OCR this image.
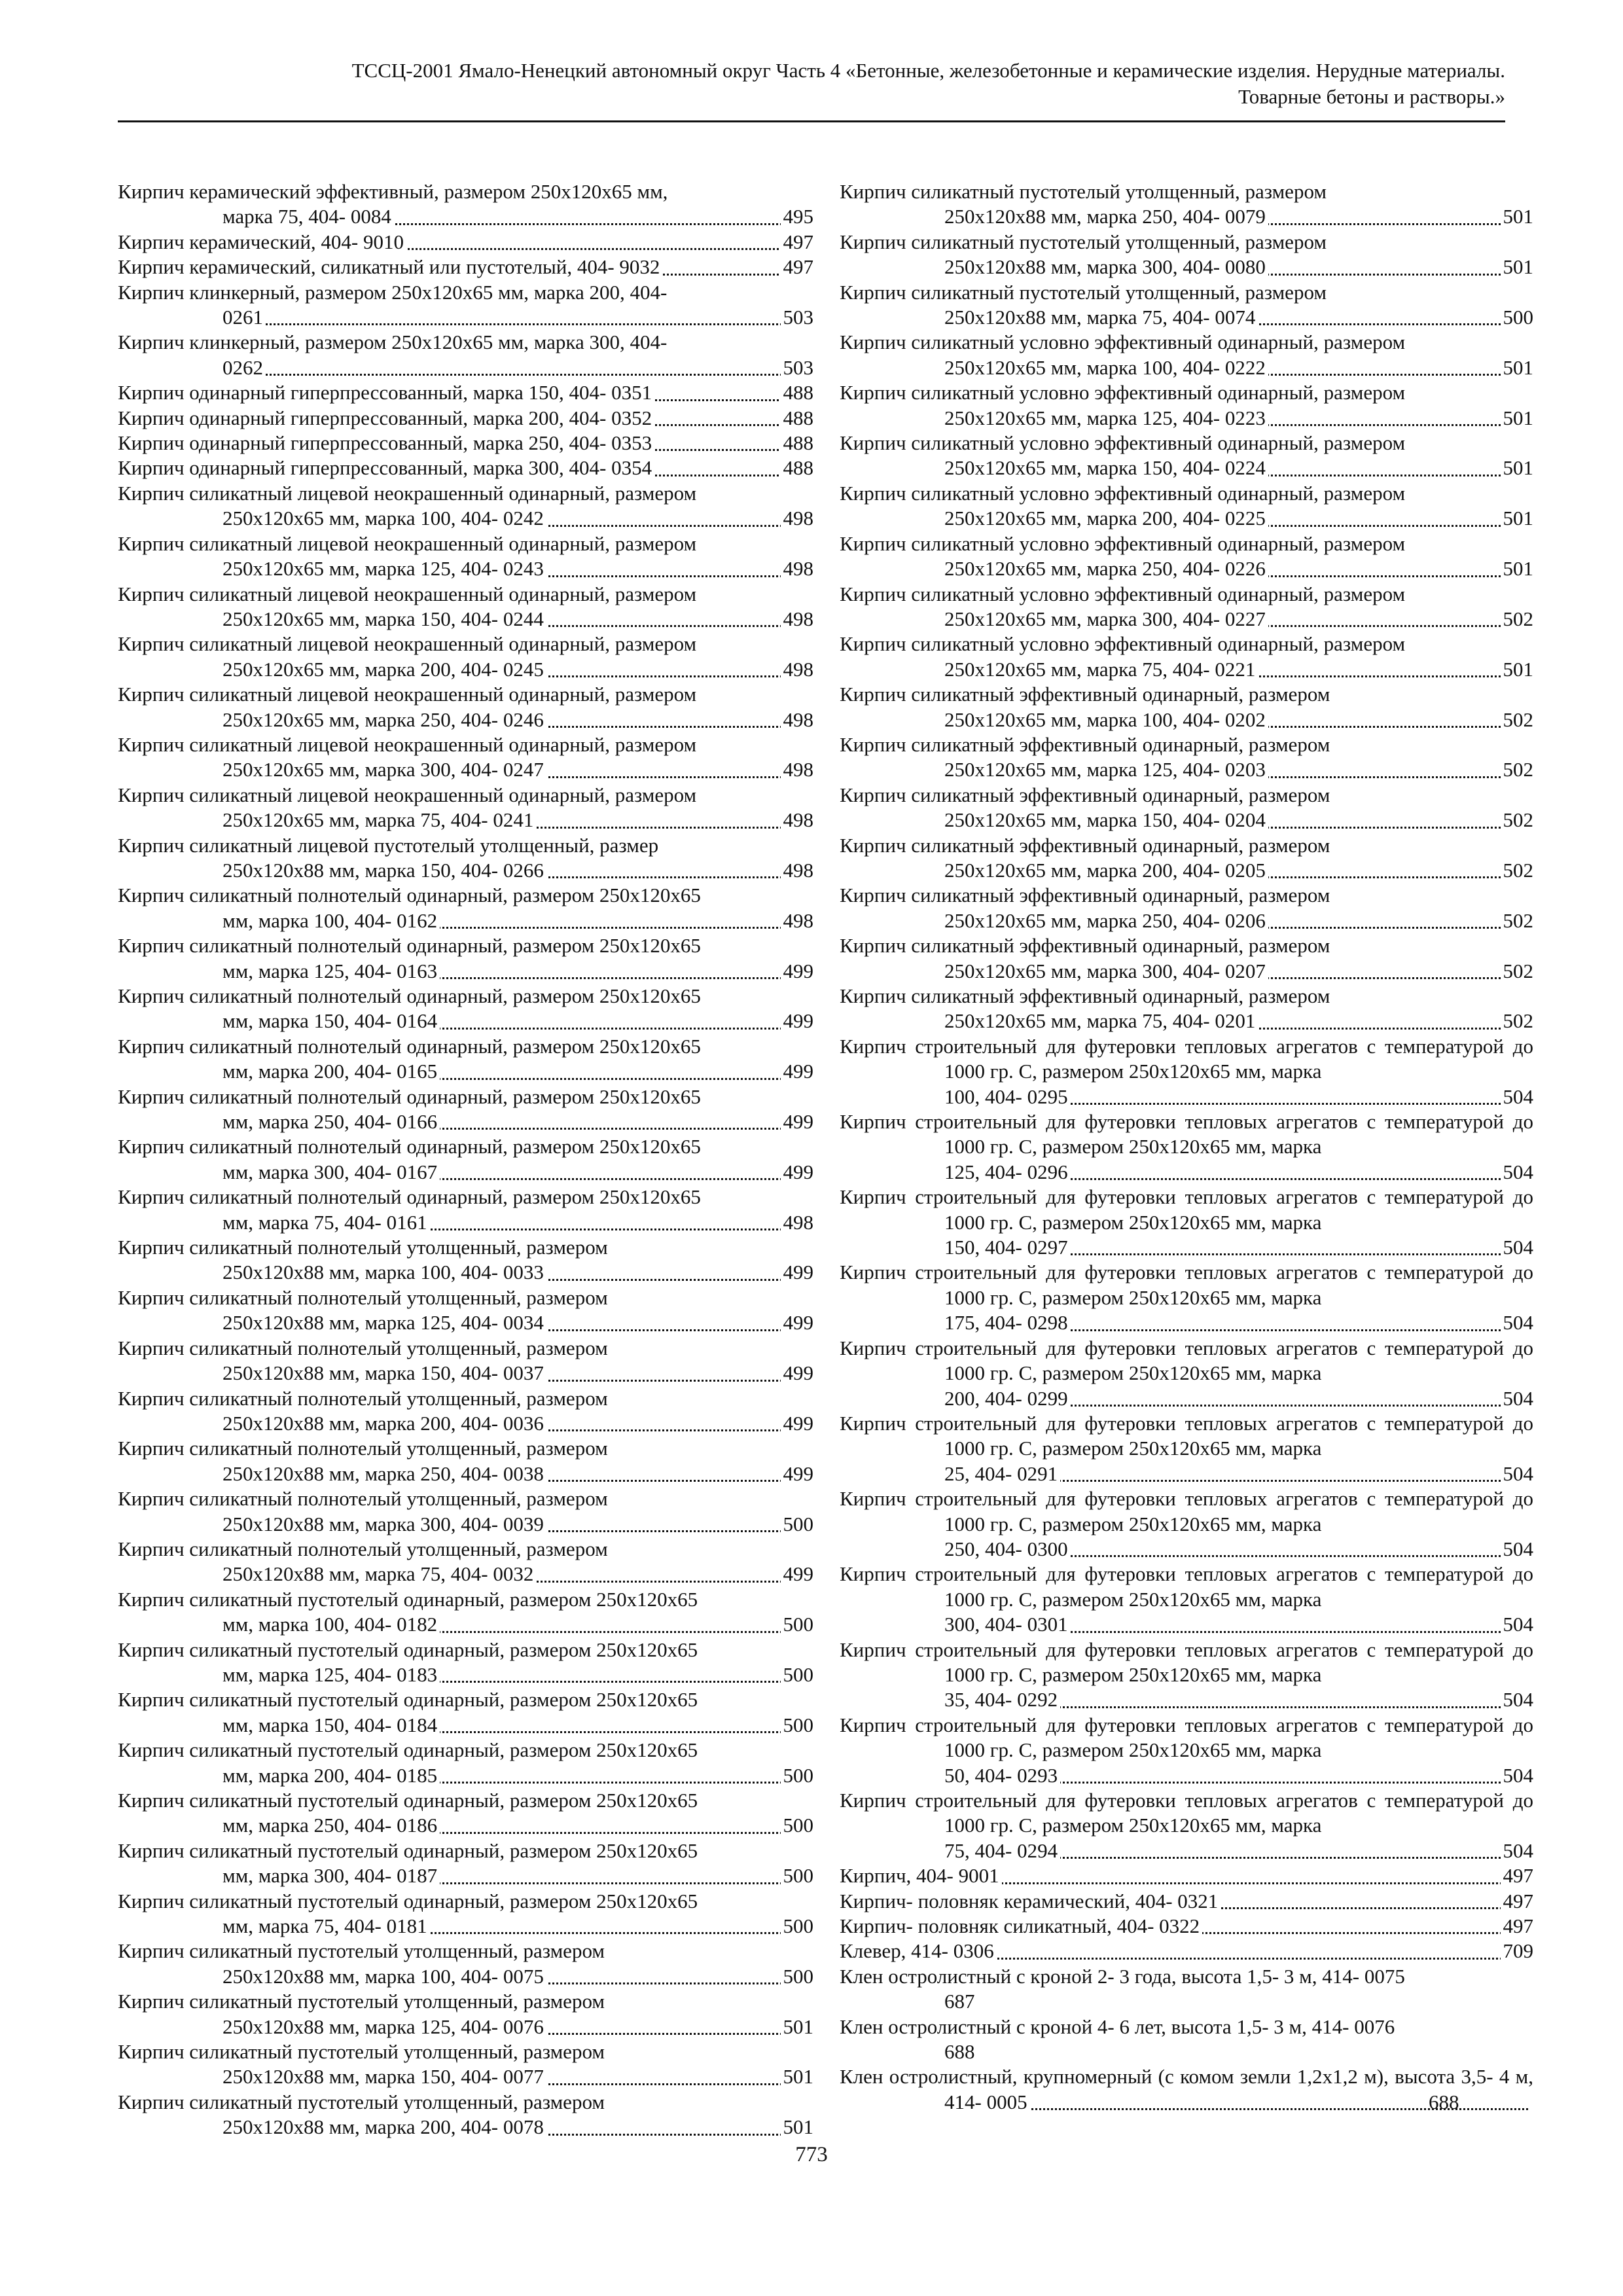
ТССЦ-2001 Ямало-Ненецкий автономный округ Часть 4 «Бетонные, железобетонные и керамические изделия. Нерудные материалы.
Товарные бетоны и растворы.»
Кирпич керамический эффективный, размером 250х120х65 мм,
марка 75, 404- 0084	495
Кирпич керамический, 404- 9010	497
Кирпич керамический, силикатный или пустотелый, 404- 9032	497
Кирпич клинкерный, размером 250х120х65 мм, марка 200, 404-
0261	503
Кирпич клинкерный, размером 250х120х65 мм, марка 300, 404-
0262	503
Кирпич одинарный гиперпрессованный, марка 150, 404- 0351	488
Кирпич одинарный гиперпрессованный, марка 200, 404- 0352	488
Кирпич одинарный гиперпрессованный, марка 250, 404- 0353	488
Кирпич одинарный гиперпрессованный, марка 300, 404- 0354	488
Кирпич силикатный лицевой неокрашенный одинарный, размером
250х120х65 мм, марка 100, 404- 0242	498
Кирпич силикатный лицевой неокрашенный одинарный, размером
250х120х65 мм, марка 125, 404- 0243	498
Кирпич силикатный лицевой неокрашенный одинарный, размером
250х120х65 мм, марка 150, 404- 0244	498
Кирпич силикатный лицевой неокрашенный одинарный, размером
250х120х65 мм, марка 200, 404- 0245	498
Кирпич силикатный лицевой неокрашенный одинарный, размером
250х120х65 мм, марка 250, 404- 0246	498
Кирпич силикатный лицевой неокрашенный одинарный, размером
250х120х65 мм, марка 300, 404- 0247	498
Кирпич силикатный лицевой неокрашенный одинарный, размером
250х120х65 мм, марка 75, 404- 0241	498
Кирпич силикатный лицевой пустотелый утолщенный, размер
250х120х88 мм, марка 150, 404- 0266	498
Кирпич силикатный полнотелый одинарный, размером 250х120х65
мм, марка 100, 404- 0162	498
Кирпич силикатный полнотелый одинарный, размером 250х120х65
мм, марка 125, 404- 0163	499
Кирпич силикатный полнотелый одинарный, размером 250х120х65
мм, марка 150, 404- 0164	499
Кирпич силикатный полнотелый одинарный, размером 250х120х65
мм, марка 200, 404- 0165	499
Кирпич силикатный полнотелый одинарный, размером 250х120х65
мм, марка 250, 404- 0166	499
Кирпич силикатный полнотелый одинарный, размером 250х120х65
мм, марка 300, 404- 0167	499
Кирпич силикатный полнотелый одинарный, размером 250х120х65
мм, марка 75, 404- 0161	498
Кирпич силикатный полнотелый утолщенный, размером
250х120х88 мм, марка 100, 404- 0033	499
Кирпич силикатный полнотелый утолщенный, размером
250х120х88 мм, марка 125, 404- 0034	499
Кирпич силикатный полнотелый утолщенный, размером
250х120х88 мм, марка 150, 404- 0037	499
Кирпич силикатный полнотелый утолщенный, размером
250х120х88 мм, марка 200, 404- 0036	499
Кирпич силикатный полнотелый утолщенный, размером
250х120х88 мм, марка 250, 404- 0038	499
Кирпич силикатный полнотелый утолщенный, размером
250х120х88 мм, марка 300, 404- 0039	500
Кирпич силикатный полнотелый утолщенный, размером
250х120х88 мм, марка 75, 404- 0032	499
Кирпич силикатный пустотелый одинарный, размером 250х120х65
мм, марка 100, 404- 0182	500
Кирпич силикатный пустотелый одинарный, размером 250х120х65
мм, марка 125, 404- 0183	500
Кирпич силикатный пустотелый одинарный, размером 250х120х65
мм, марка 150, 404- 0184	500
Кирпич силикатный пустотелый одинарный, размером 250х120х65
мм, марка 200, 404- 0185	500
Кирпич силикатный пустотелый одинарный, размером 250х120х65
мм, марка 250, 404- 0186	500
Кирпич силикатный пустотелый одинарный, размером 250х120х65
мм, марка 300, 404- 0187	500
Кирпич силикатный пустотелый одинарный, размером 250х120х65
мм, марка 75, 404- 0181	500
Кирпич силикатный пустотелый утолщенный, размером
250х120х88 мм, марка 100, 404- 0075	500
Кирпич силикатный пустотелый утолщенный, размером
250х120х88 мм, марка 125, 404- 0076	501
Кирпич силикатный пустотелый утолщенный, размером
250х120х88 мм, марка 150, 404- 0077	501
Кирпич силикатный пустотелый утолщенный, размером
250х120х88 мм, марка 200, 404- 0078	501
Кирпич силикатный пустотелый утолщенный, размером
250х120х88 мм, марка 250, 404- 0079	501
Кирпич силикатный пустотелый утолщенный, размером
250х120х88 мм, марка 300, 404- 0080	501
Кирпич силикатный пустотелый утолщенный, размером
250х120х88 мм, марка 75, 404- 0074	500
Кирпич силикатный условно эффективный одинарный, размером
250х120х65 мм, марка 100, 404- 0222	501
Кирпич силикатный условно эффективный одинарный, размером
250х120х65 мм, марка 125, 404- 0223	501
Кирпич силикатный условно эффективный одинарный, размером
250х120х65 мм, марка 150, 404- 0224	501
Кирпич силикатный условно эффективный одинарный, размером
250х120х65 мм, марка 200, 404- 0225	501
Кирпич силикатный условно эффективный одинарный, размером
250х120х65 мм, марка 250, 404- 0226	501
Кирпич силикатный условно эффективный одинарный, размером
250х120х65 мм, марка 300, 404- 0227	502
Кирпич силикатный условно эффективный одинарный, размером
250х120х65 мм, марка 75, 404- 0221	501
Кирпич силикатный эффективный одинарный, размером
250х120х65 мм, марка 100, 404- 0202	502
Кирпич силикатный эффективный одинарный, размером
250х120х65 мм, марка 125, 404- 0203	502
Кирпич силикатный эффективный одинарный, размером
250х120х65 мм, марка 150, 404- 0204	502
Кирпич силикатный эффективный одинарный, размером
250х120х65 мм, марка 200, 404- 0205	502
Кирпич силикатный эффективный одинарный, размером
250х120х65 мм, марка 250, 404- 0206	502
Кирпич силикатный эффективный одинарный, размером
250х120х65 мм, марка 300, 404- 0207	502
Кирпич силикатный эффективный одинарный, размером
250х120х65 мм, марка 75, 404- 0201	502
Кирпич строительный для футеровки тепловых агрегатов с температурой до 1000 гр. С, размером 250х120х65 мм, марка
100, 404- 0295	504
Кирпич строительный для футеровки тепловых агрегатов с температурой до 1000 гр. С, размером 250х120х65 мм, марка
125, 404- 0296	504
Кирпич строительный для футеровки тепловых агрегатов с температурой до 1000 гр. С, размером 250х120х65 мм, марка
150, 404- 0297	504
Кирпич строительный для футеровки тепловых агрегатов с температурой до 1000 гр. С, размером 250х120х65 мм, марка
175, 404- 0298	504
Кирпич строительный для футеровки тепловых агрегатов с температурой до 1000 гр. С, размером 250х120х65 мм, марка
200, 404- 0299	504
Кирпич строительный для футеровки тепловых агрегатов с температурой до 1000 гр. С, размером 250х120х65 мм, марка
25, 404- 0291	504
Кирпич строительный для футеровки тепловых агрегатов с температурой до 1000 гр. С, размером 250х120х65 мм, марка
250, 404- 0300	504
Кирпич строительный для футеровки тепловых агрегатов с температурой до 1000 гр. С, размером 250х120х65 мм, марка
300, 404- 0301	504
Кирпич строительный для футеровки тепловых агрегатов с температурой до 1000 гр. С, размером 250х120х65 мм, марка
35, 404- 0292	504
Кирпич строительный для футеровки тепловых агрегатов с температурой до 1000 гр. С, размером 250х120х65 мм, марка
50, 404- 0293	504
Кирпич строительный для футеровки тепловых агрегатов с температурой до 1000 гр. С, размером 250х120х65 мм, марка
75, 404- 0294	504
Кирпич, 404- 9001	497
Кирпич- половняк керамический, 404- 0321	497
Кирпич- половняк силикатный, 404- 0322	497
Клевер, 414- 0306	709
Клен остролистный с кроной 2- 3 года, высота 1,5- 3 м, 414- 0075
687
Клен остролистный с кроной 4- 6 лет, высота 1,5- 3 м, 414- 0076
688
Клен остролистный, крупномерный (с комом земли 1,2х1,2 м), высота 3,5- 4 м, 414- 0005	688
773
